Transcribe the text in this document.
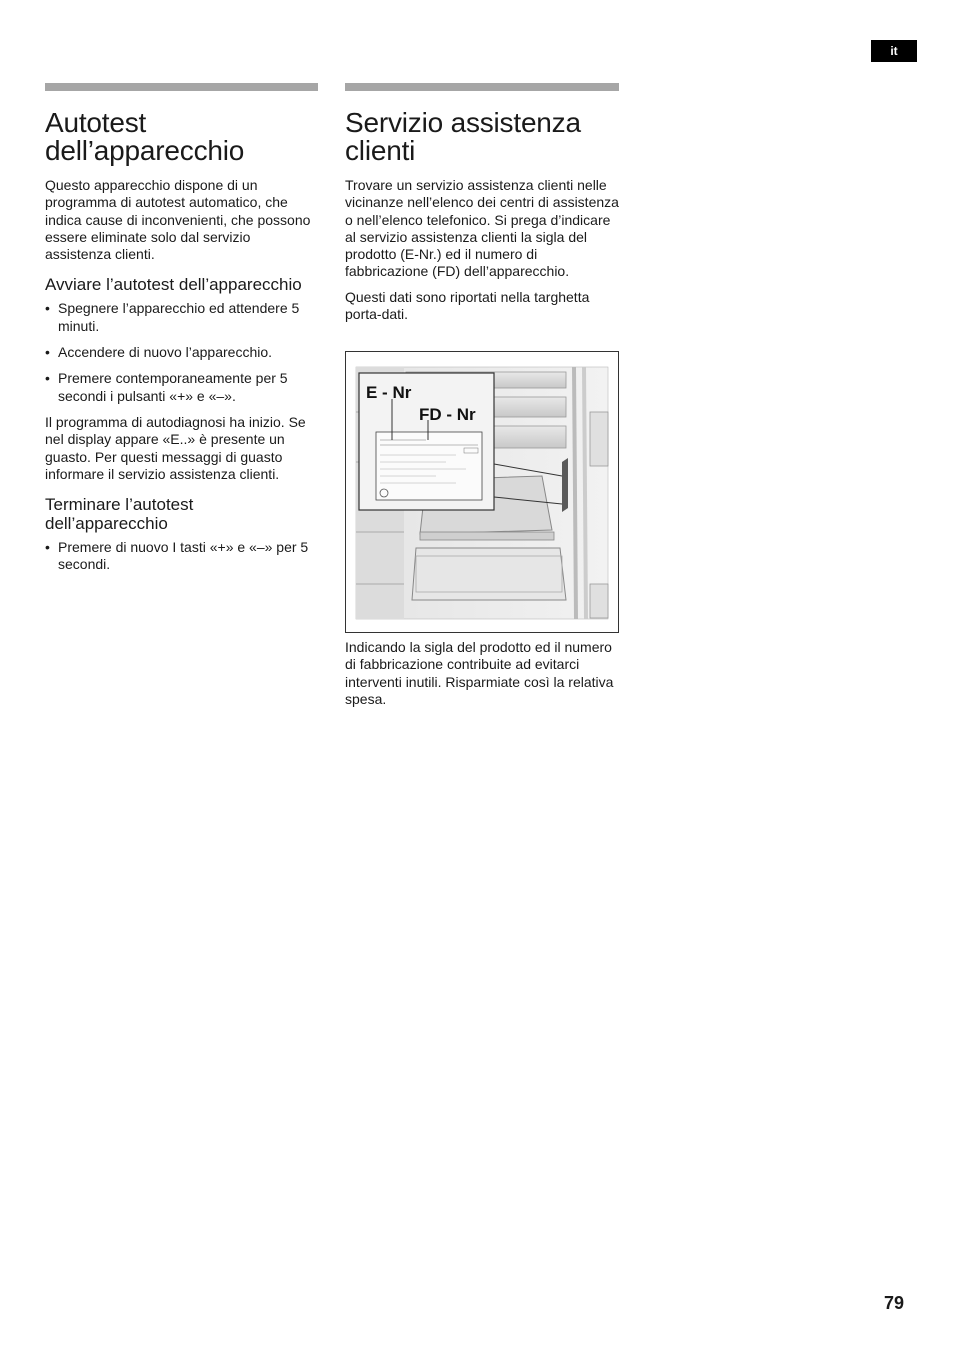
it
Autotest dell’apparecchio

Questo apparecchio dispone di un programma di autotest automatico, che indica cause di inconvenienti, che possono essere eliminate solo dal servizio assistenza clienti.

Avviare l’autotest dell’apparecchio
• Spegnere l’apparecchio ed attendere 5 minuti.
• Accendere di nuovo l’apparecchio.
• Premere contemporaneamente per 5 secondi i pulsanti «+» e «–».

Il programma di autodiagnosi ha inizio. Se nel display appare «E..» è presente un guasto. Per questi messaggi di guasto informare il servizio assistenza clienti.

Terminare l’autotest dell’apparecchio
• Premere di nuovo I tasti «+» e «–» per 5 secondi.
Servizio assistenza clienti

Trovare un servizio assistenza clienti nelle vicinanze nell’elenco dei centri di assistenza o nell’elenco telefonico. Si prega d’indicare al servizio assistenza clienti la sigla del prodotto (E-Nr.) ed il numero di fabbricazione (FD) dell’apparecchio.

Questi dati sono riportati nella targhetta porta-dati.

E - Nr
FD - Nr

Indicando la sigla del prodotto ed il numero di fabbricazione contribuite ad evitarci interventi inutili. Risparmiate così la relativa spesa.

79
